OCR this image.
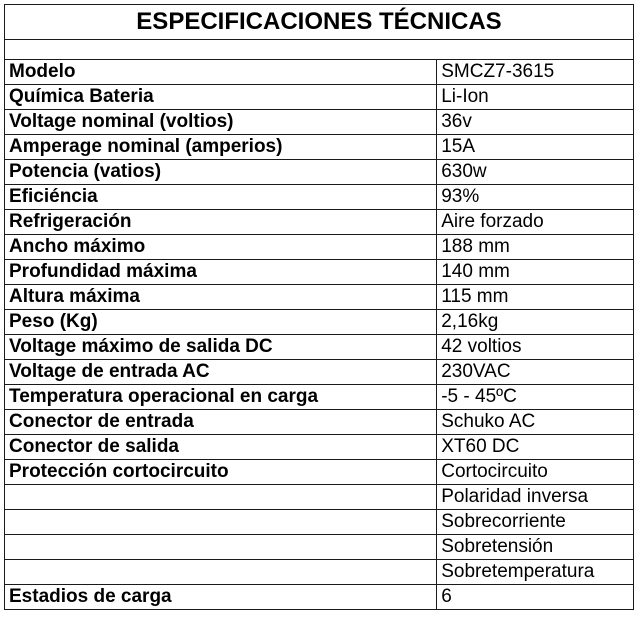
ESPECIFICACIONES TÉCNICAS	

Modelo	SMCZ7-3615
Química Bateria	Li-Ion
Voltage nominal (voltios)	36v
Amperage nominal (amperios)	15A
Potencia (vatios)	630w
Eficiéncia	93%
Refrigeración	Aire forzado
Ancho máximo	188 mm
Profundidad máxima	140 mm
Altura máxima	115 mm
Peso (Kg)	2,16kg
Voltage máximo de salida DC	42 voltios
Voltage de entrada AC	230VAC
Temperatura operacional en carga	-5 - 45ºC
Conector de entrada	Schuko AC
Conector de salida	XT60 DC
Protección cortocircuito	Cortocircuito
	Polaridad inversa
	Sobrecorriente
	Sobretensión
	Sobretemperatura
Estadios de carga	6
